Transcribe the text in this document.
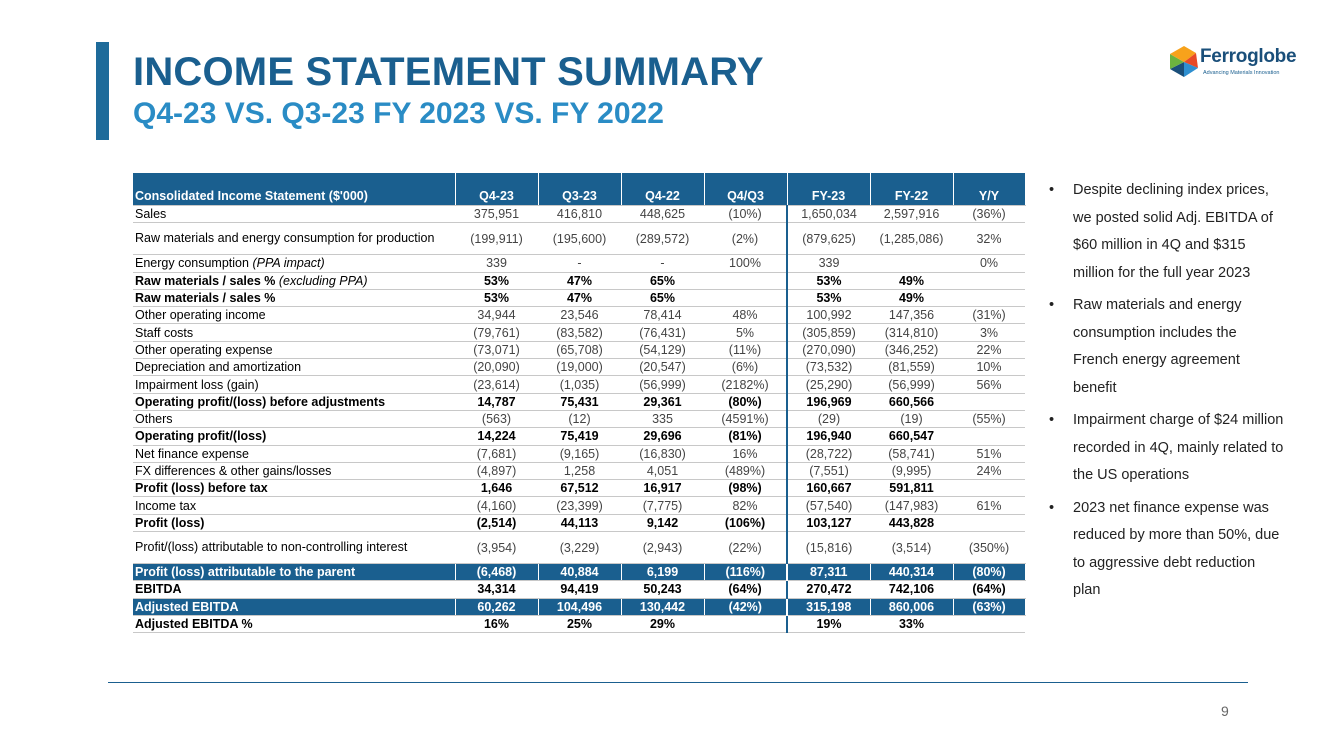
INCOME STATEMENT SUMMARY
Q4-23 VS. Q3-23 FY 2023 VS. FY 2022
Ferroglobe
Advancing Materials Innovation
Consolidated Income Statement ($'000)	Q4-23	Q3-23	Q4-22	Q4/Q3	FY-23	FY-22	Y/Y
Sales	375,951	416,810	448,625	(10%)	1,650,034	2,597,916	(36%)
Raw materials and energy consumption for production	(199,911)	(195,600)	(289,572)	(2%)	(879,625)	(1,285,086)	32%
Energy consumption (PPA impact)	339	-	-	100%	339		0%
Raw materials / sales % (excluding PPA)	53%	47%	65%		53%	49%	
Raw materials / sales %	53%	47%	65%		53%	49%	
Other operating income	34,944	23,546	78,414	48%	100,992	147,356	(31%)
Staff costs	(79,761)	(83,582)	(76,431)	5%	(305,859)	(314,810)	3%
Other operating expense	(73,071)	(65,708)	(54,129)	(11%)	(270,090)	(346,252)	22%
Depreciation and amortization	(20,090)	(19,000)	(20,547)	(6%)	(73,532)	(81,559)	10%
Impairment loss (gain)	(23,614)	(1,035)	(56,999)	(2182%)	(25,290)	(56,999)	56%
Operating profit/(loss) before adjustments	14,787	75,431	29,361	(80%)	196,969	660,566	
Others	(563)	(12)	335	(4591%)	(29)	(19)	(55%)
Operating profit/(loss)	14,224	75,419	29,696	(81%)	196,940	660,547	
Net finance expense	(7,681)	(9,165)	(16,830)	16%	(28,722)	(58,741)	51%
FX differences & other gains/losses	(4,897)	1,258	4,051	(489%)	(7,551)	(9,995)	24%
Profit (loss) before tax	1,646	67,512	16,917	(98%)	160,667	591,811	
Income tax	(4,160)	(23,399)	(7,775)	82%	(57,540)	(147,983)	61%
Profit (loss)	(2,514)	44,113	9,142	(106%)	103,127	443,828	
Profit/(loss) attributable to non-controlling interest	(3,954)	(3,229)	(2,943)	(22%)	(15,816)	(3,514)	(350%)
Profit (loss) attributable to the parent	(6,468)	40,884	6,199	(116%)	87,311	440,314	(80%)
EBITDA	34,314	94,419	50,243	(64%)	270,472	742,106	(64%)
Adjusted EBITDA	60,262	104,496	130,442	(42%)	315,198	860,006	(63%)
Adjusted EBITDA %	16%	25%	29%		19%	33%	
• Despite declining index prices, we posted solid Adj. EBITDA of $60 million in 4Q and $315 million for the full year 2023
• Raw materials and energy consumption includes the French energy agreement benefit
• Impairment charge of $24 million recorded in 4Q, mainly related to the US operations
• 2023 net finance expense was reduced by more than 50%, due to aggressive debt reduction plan
9
